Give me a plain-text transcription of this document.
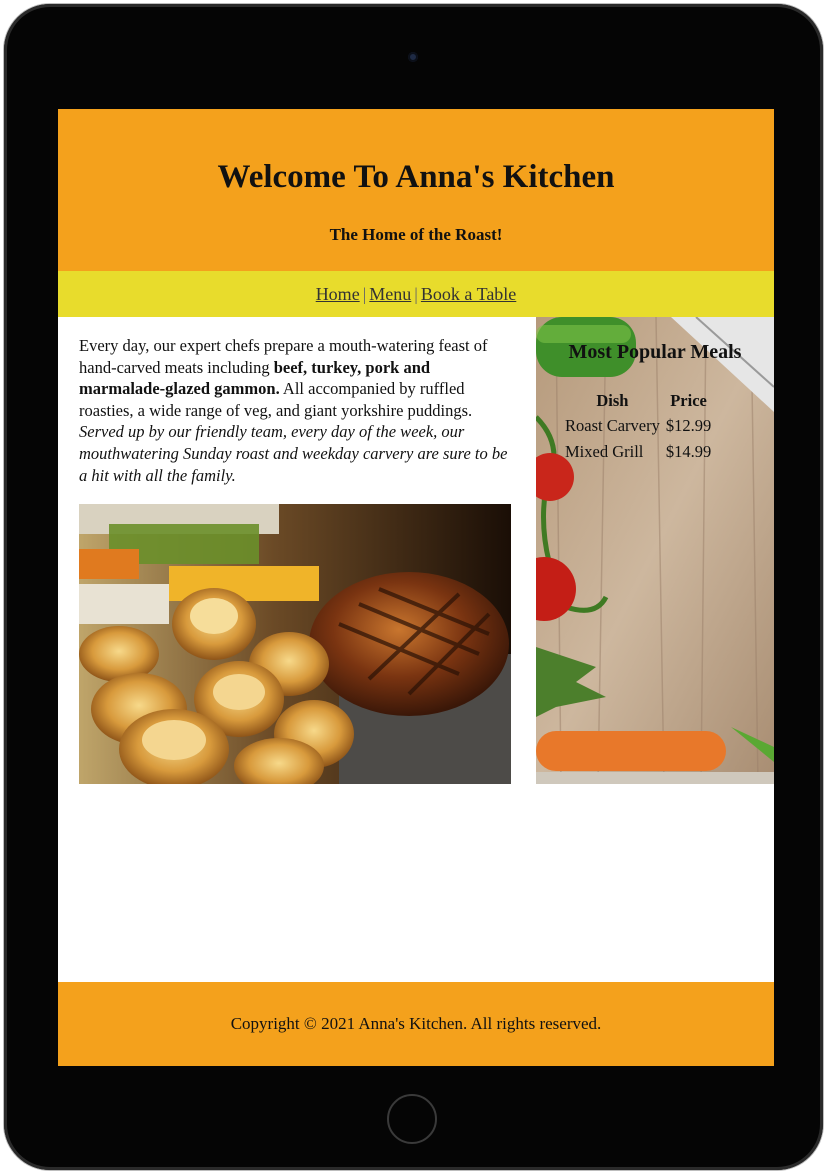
Welcome To Anna's Kitchen
The Home of the Roast!
Home | Menu | Book a Table

Every day, our expert chefs prepare a mouth-watering feast of hand-carved meats including beef, turkey, pork and marmalade-glazed gammon. All accompanied by ruffled roasties, a wide range of veg, and giant yorkshire puddings. Served up by our friendly team, every day of the week, our mouthwatering Sunday roast and weekday carvery are sure to be a hit with all the family.

Most Popular Meals
Dish	Price
Roast Carvery	$12.99
Mixed Grill	$14.99
Copyright © 2021 Anna's Kitchen. All rights reserved.
